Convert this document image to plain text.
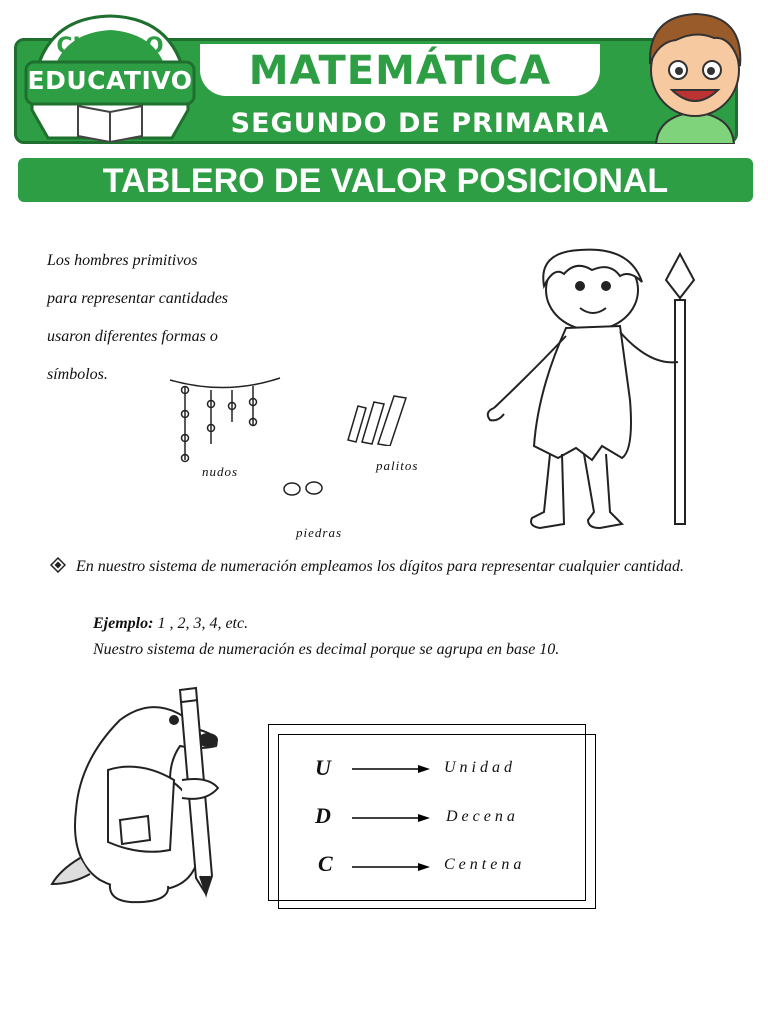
MATEMÁTICA
SEGUNDO DE PRIMARIA
CIRCULO
EDUCATIVO
TABLERO DE VALOR POSICIONAL
Los hombres primitivos
para representar cantidades
usaron diferentes formas o
símbolos.
nudos	palitos
piedras
En nuestro sistema de numeración empleamos los dígitos para representar cualquier cantidad.
Ejemplo: 1 , 2, 3, 4, etc.
Nuestro sistema de numeración es decimal porque se agrupa en base 10.
U	Unidad
D	Decena
C	Centena
